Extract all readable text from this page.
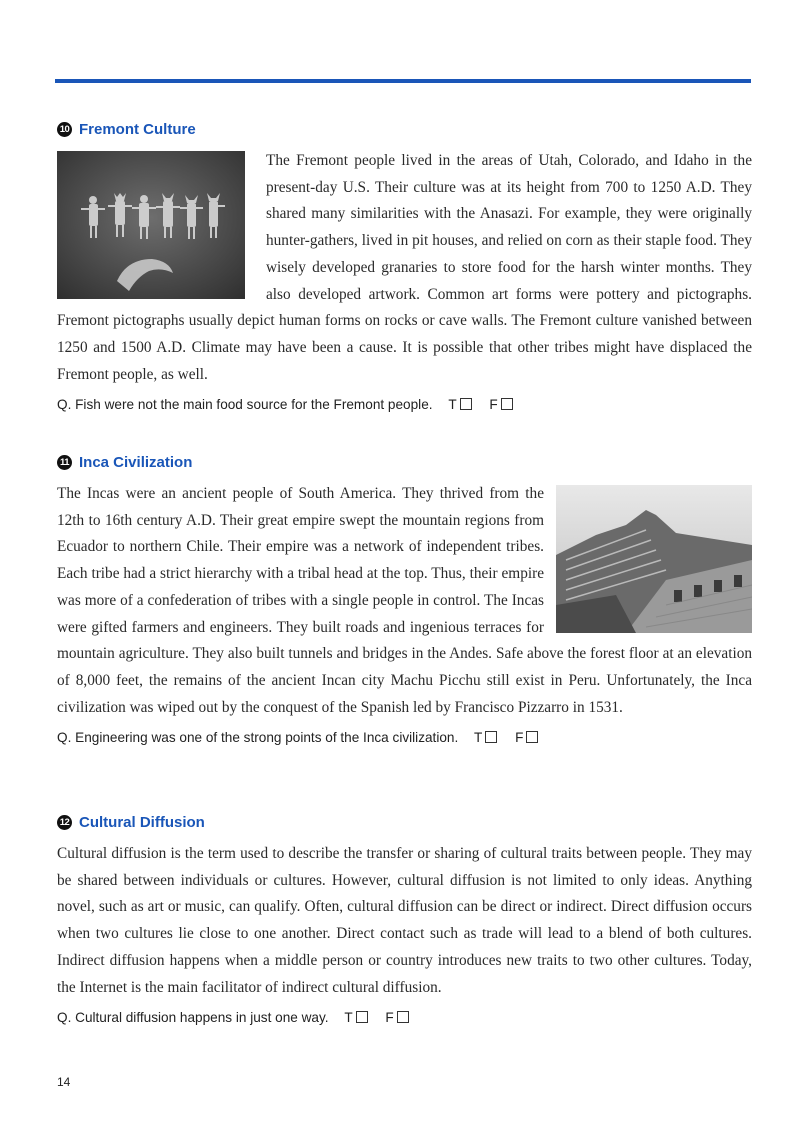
10 Fremont Culture
The Fremont people lived in the areas of Utah, Colorado, and Idaho in the present-day U.S. Their culture was at its height from 700 to 1250 A.D. They shared many similarities with the Anasazi. For example, they were originally hunter-gathers, lived in pit houses, and relied on corn as their staple food. They wisely developed granaries to store food for the harsh winter months. They also developed artwork. Common art forms were pottery and pictographs. Fremont pictographs usually depict human forms on rocks or cave walls. The Fremont culture vanished between 1250 and 1500 A.D. Climate may have been a cause. It is possible that other tribes might have displaced the Fremont people, as well.
Q. Fish were not the main food source for the Fremont people. T F
11 Inca Civilization
The Incas were an ancient people of South America. They thrived from the 12th to 16th century A.D. Their great empire swept the mountain regions from Ecuador to northern Chile. Their empire was a network of independent tribes. Each tribe had a strict hierarchy with a tribal head at the top. Thus, their empire was more of a confederation of tribes with a single people in control. The Incas were gifted farmers and engineers. They built roads and ingenious terraces for mountain agriculture. They also built tunnels and bridges in the Andes. Safe above the forest floor at an elevation of 8,000 feet, the remains of the ancient Incan city Machu Picchu still exist in Peru. Unfortunately, the Inca civilization was wiped out by the conquest of the Spanish led by Francisco Pizzarro in 1531.
Q. Engineering was one of the strong points of the Inca civilization. T F
12 Cultural Diffusion
Cultural diffusion is the term used to describe the transfer or sharing of cultural traits between people. They may be shared between individuals or cultures. However, cultural diffusion is not limited to only ideas. Anything novel, such as art or music, can qualify. Often, cultural diffusion can be direct or indirect. Direct diffusion occurs when two cultures lie close to one another. Direct contact such as trade will lead to a blend of both cultures. Indirect diffusion happens when a middle person or country introduces new traits to two other cultures. Today, the Internet is the main facilitator of indirect cultural diffusion.
Q. Cultural diffusion happens in just one way. T F
14
